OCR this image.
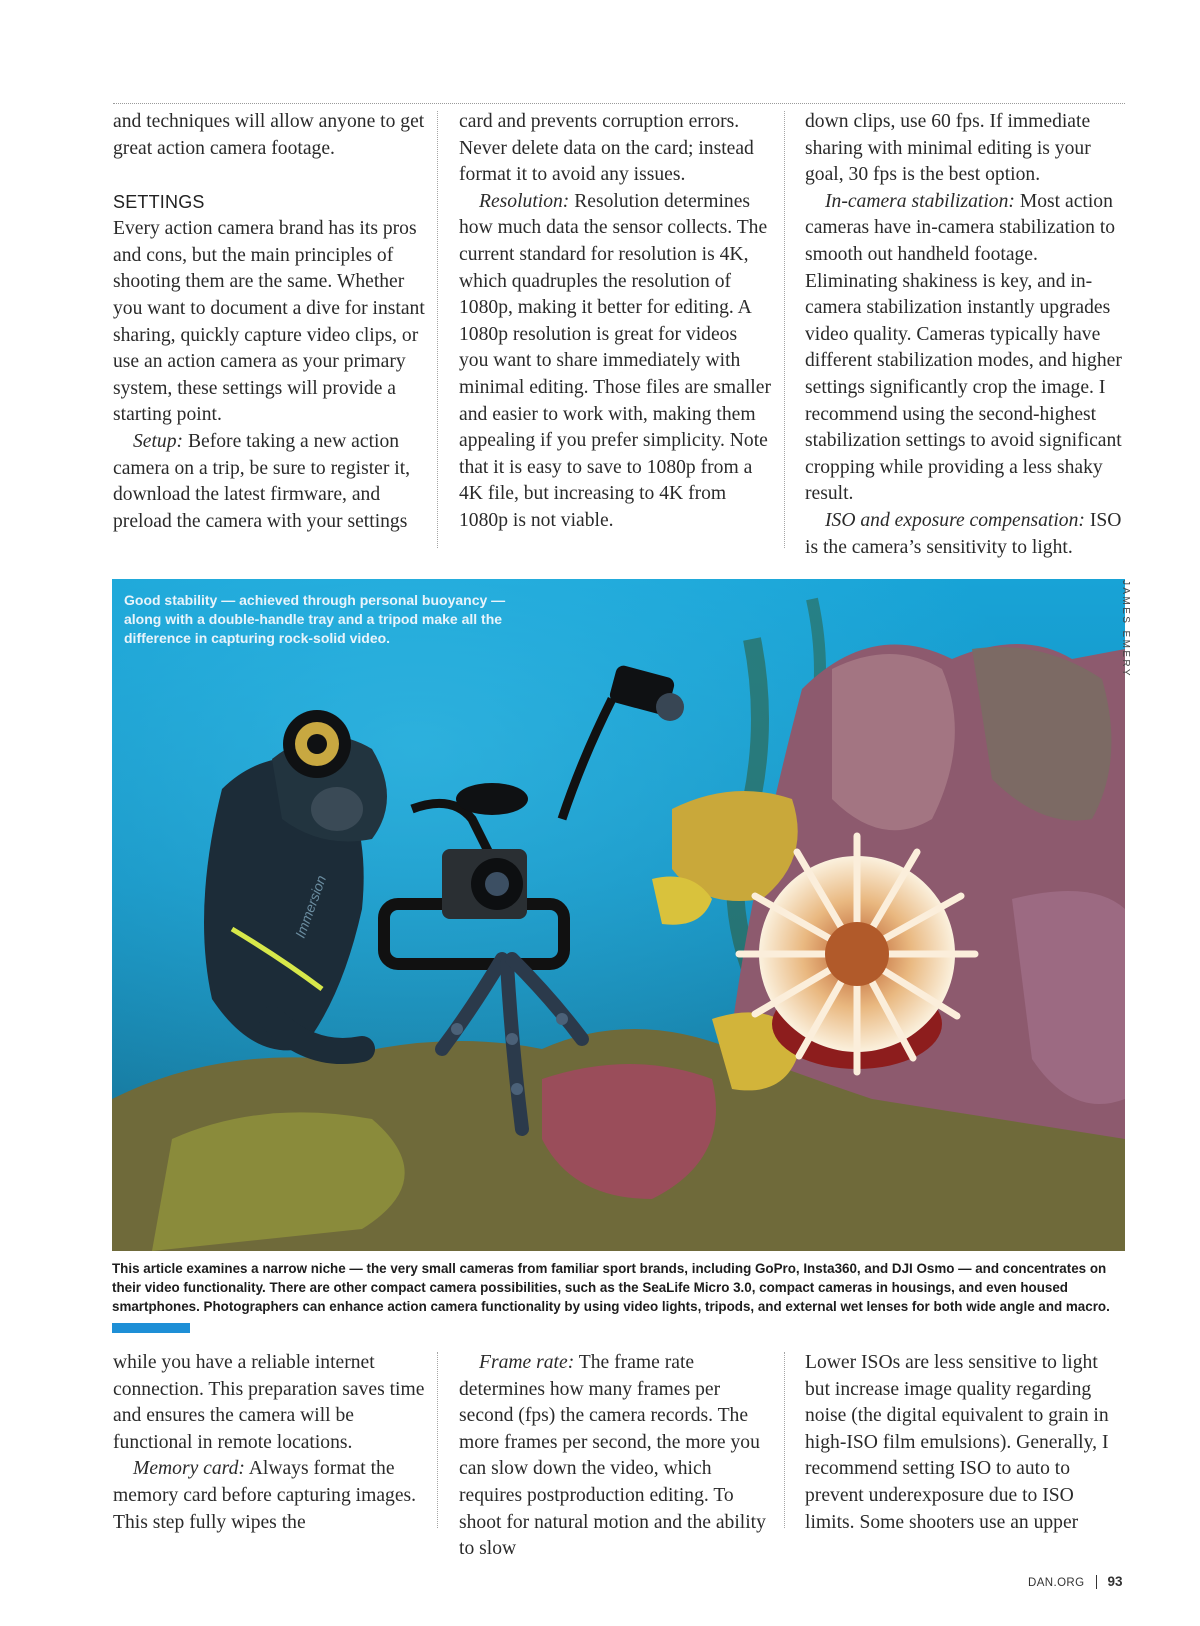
and techniques will allow anyone to get great action camera footage.

SETTINGS

Every action camera brand has its pros and cons, but the main principles of shooting them are the same. Whether you want to document a dive for instant sharing, quickly capture video clips, or use an action camera as your primary system, these settings will provide a starting point.

Setup: Before taking a new action camera on a trip, be sure to register it, download the latest firmware, and preload the camera with your settings

card and prevents corruption errors. Never delete data on the card; instead format it to avoid any issues.

Resolution: Resolution determines how much data the sensor collects. The current standard for resolution is 4K, which quadruples the resolution of 1080p, making it better for editing. A 1080p resolution is great for videos you want to share immediately with minimal editing. Those files are smaller and easier to work with, making them appealing if you prefer simplicity. Note that it is easy to save to 1080p from a 4K file, but increasing to 4K from 1080p is not viable.

down clips, use 60 fps. If immediate sharing with minimal editing is your goal, 30 fps is the best option.

In-camera stabilization: Most action cameras have in-camera stabilization to smooth out handheld footage. Eliminating shakiness is key, and in-camera stabilization instantly upgrades video quality. Cameras typically have different stabilization modes, and higher settings significantly crop the image. I recommend using the second-highest stabilization settings to avoid significant cropping while providing a less shaky result.

ISO and exposure compensation: ISO is the camera’s sensitivity to light.

Immersion
Good stability — achieved through personal buoyancy — along with a double-handle tray and a tripod make all the difference in capturing rock-solid video.	JAMES EMERY
This article examines a narrow niche — the very small cameras from familiar sport brands, including GoPro, Insta360, and DJI Osmo — and concentrates on their video functionality. There are other compact camera possibilities, such as the SeaLife Micro 3.0, compact cameras in housings, and even housed smartphones. Photographers can enhance action camera functionality by using video lights, tripods, and external wet lenses for both wide angle and macro.

while you have a reliable internet connection. This preparation saves time and ensures the camera will be functional in remote locations.

Memory card: Always format the memory card before capturing images. This step fully wipes the

Frame rate: The frame rate determines how many frames per second (fps) the camera records. The more frames per second, the more you can slow down the video, which requires postproduction editing. To shoot for natural motion and the ability to slow

Lower ISOs are less sensitive to light but increase image quality regarding noise (the digital equivalent to grain in high-ISO film emulsions). Generally, I recommend setting ISO to auto to prevent underexposure due to ISO limits. Some shooters use an upper

DAN.ORG 93
